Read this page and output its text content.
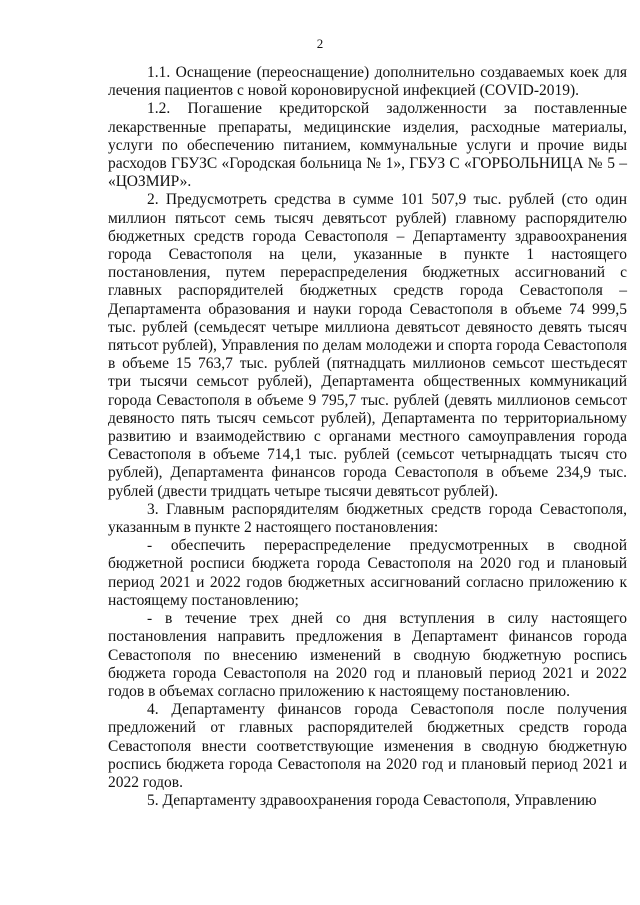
2

1.1. Оснащение (переоснащение) дополнительно создаваемых коек для лечения пациентов с новой короновирусной инфекцией (COVID-2019).

1.2. Погашение кредиторской задолженности за поставленные лекарственные препараты, медицинские изделия, расходные материалы, услуги по обеспечению питанием, коммунальные услуги и прочие виды расходов ГБУЗС «Городская больница № 1», ГБУЗ С «ГОРБОЛЬНИЦА № 5 – «ЦОЗМИР».

2. Предусмотреть средства в сумме 101 507,9 тыс. рублей (сто один миллион пятьсот семь тысяч девятьсот рублей) главному распорядителю бюджетных средств города Севастополя – Департаменту здравоохранения города Севастополя на цели, указанные в пункте 1 настоящего постановления, путем перераспределения бюджетных ассигнований с главных распорядителей бюджетных средств города Севастополя – Департамента образования и науки города Севастополя в объеме 74 999,5 тыс. рублей (семьдесят четыре миллиона девятьсот девяносто девять тысяч пятьсот рублей), Управления по делам молодежи и спорта города Севастополя в объеме 15 763,7 тыс. рублей (пятнадцать миллионов семьсот шестьдесят три тысячи семьсот рублей), Департамента общественных коммуникаций города Севастополя в объеме 9 795,7 тыс. рублей (девять миллионов семьсот девяносто пять тысяч семьсот рублей), Департамента по территориальному развитию и взаимодействию с органами местного самоуправления города Севастополя в объеме 714,1 тыс. рублей (семьсот четырнадцать тысяч сто рублей), Департамента финансов города Севастополя в объеме 234,9 тыс. рублей (двести тридцать четыре тысячи девятьсот рублей).

3. Главным распорядителям бюджетных средств города Севастополя, указанным в пункте 2 настоящего постановления:

- обеспечить перераспределение предусмотренных в сводной бюджетной росписи бюджета города Севастополя на 2020 год и плановый период 2021 и 2022 годов бюджетных ассигнований согласно приложению к настоящему постановлению;

- в течение трех дней со дня вступления в силу настоящего постановления направить предложения в Департамент финансов города Севастополя по внесению изменений в сводную бюджетную роспись бюджета города Севастополя на 2020 год и плановый период 2021 и 2022 годов в объемах согласно приложению к настоящему постановлению.

4. Департаменту финансов города Севастополя после получения предложений от главных распорядителей бюджетных средств города Севастополя внести соответствующие изменения в сводную бюджетную роспись бюджета города Севастополя на 2020 год и плановый период 2021 и 2022 годов.

5. Департаменту здравоохранения города Севастополя, Управлению
